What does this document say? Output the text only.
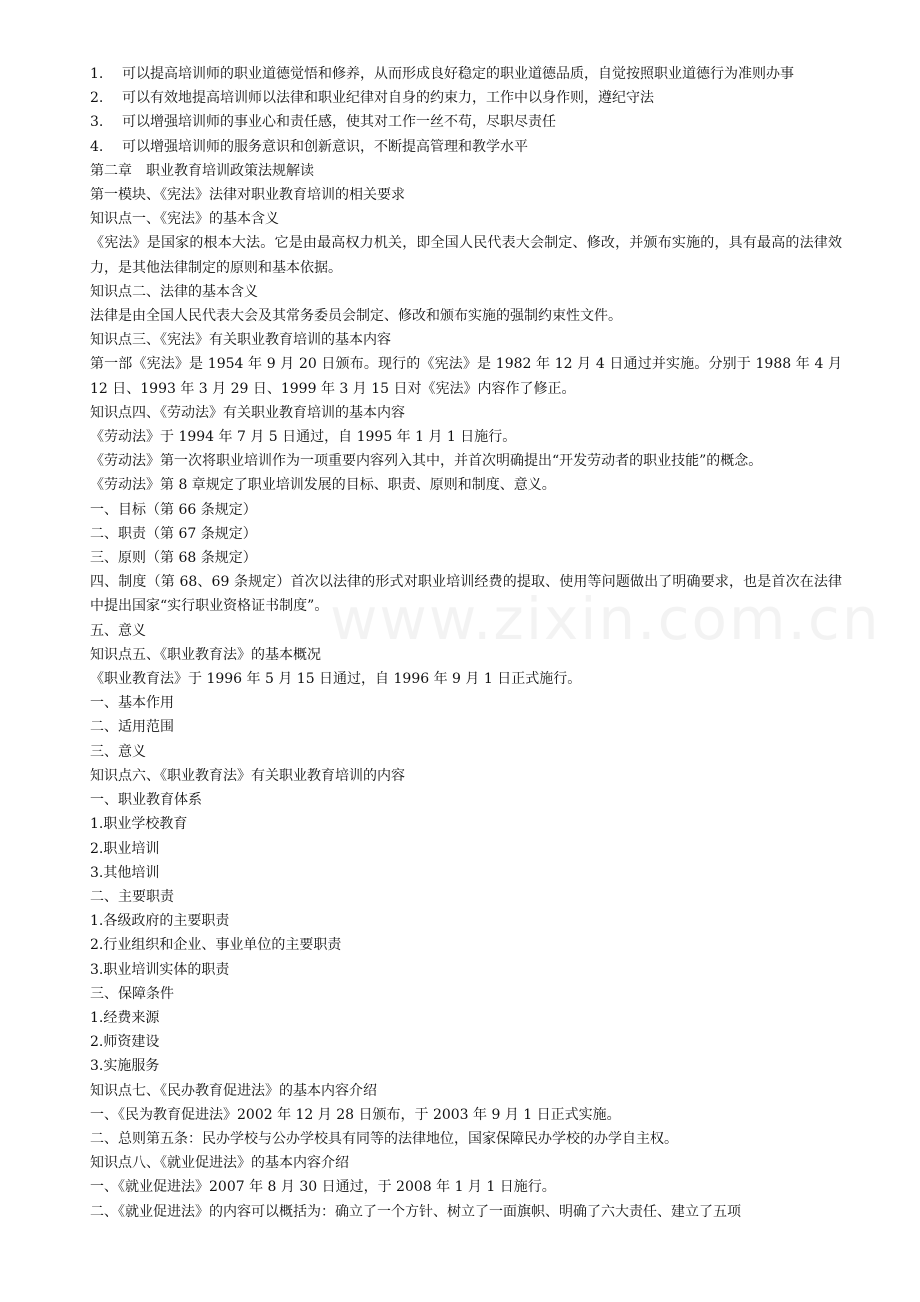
1. 可以提高培训师的职业道德觉悟和修养，从而形成良好稳定的职业道德品质，自觉按照职业道德行为准则办事

2. 可以有效地提高培训师以法律和职业纪律对自身的约束力，工作中以身作则，遵纪守法

3. 可以增强培训师的事业心和责任感，使其对工作一丝不苟，尽职尽责任

4. 可以增强培训师的服务意识和创新意识，不断提高管理和教学水平

第二章　职业教育培训政策法规解读

第一模块、《宪法》法律对职业教育培训的相关要求

知识点一、《宪法》的基本含义

《宪法》是国家的根本大法。它是由最高权力机关，即全国人民代表大会制定、修改，并颁布实施的，具有最高的法律效力，是其他法律制定的原则和基本依据。

知识点二、法律的基本含义

法律是由全国人民代表大会及其常务委员会制定、修改和颁布实施的强制约束性文件。

知识点三、《宪法》有关职业教育培训的基本内容

第一部《宪法》是 1954 年 9 月 20 日颁布。现行的《宪法》是 1982 年 12 月 4 日通过并实施。分别于 1988 年 4 月 12 日、1993 年 3 月 29 日、1999 年 3 月 15 日对《宪法》内容作了修正。

知识点四、《劳动法》有关职业教育培训的基本内容

《劳动法》于 1994 年 7 月 5 日通过，自 1995 年 1 月 1 日施行。

《劳动法》第一次将职业培训作为一项重要内容列入其中，并首次明确提出“开发劳动者的职业技能”的概念。

《劳动法》第 8 章规定了职业培训发展的目标、职责、原则和制度、意义。

一、目标（第 66 条规定）

二、职责（第 67 条规定）

三、原则（第 68 条规定）

四、制度（第 68、69 条规定）首次以法律的形式对职业培训经费的提取、使用等问题做出了明确要求，也是首次在法律中提出国家“实行职业资格证书制度”。

五、意义

知识点五、《职业教育法》的基本概况

《职业教育法》于 1996 年 5 月 15 日通过，自 1996 年 9 月 1 日正式施行。

一、基本作用

二、适用范围

三、意义

知识点六、《职业教育法》有关职业教育培训的内容

一、职业教育体系

1.职业学校教育

2.职业培训

3.其他培训

二、主要职责

1.各级政府的主要职责

2.行业组织和企业、事业单位的主要职责

3.职业培训实体的职责

三、保障条件

1.经费来源

2.师资建设

3.实施服务

知识点七、《民办教育促进法》的基本内容介绍

一、《民为教育促进法》2002 年 12 月 28 日颁布，于 2003 年 9 月 1 日正式实施。

二、总则第五条：民办学校与公办学校具有同等的法律地位，国家保障民办学校的办学自主权。

知识点八、《就业促进法》的基本内容介绍

一、《就业促进法》2007 年 8 月 30 日通过，于 2008 年 1 月 1 日施行。

二、《就业促进法》的内容可以概括为：确立了一个方针、树立了一面旗帜、明确了六大责任、建立了五项
